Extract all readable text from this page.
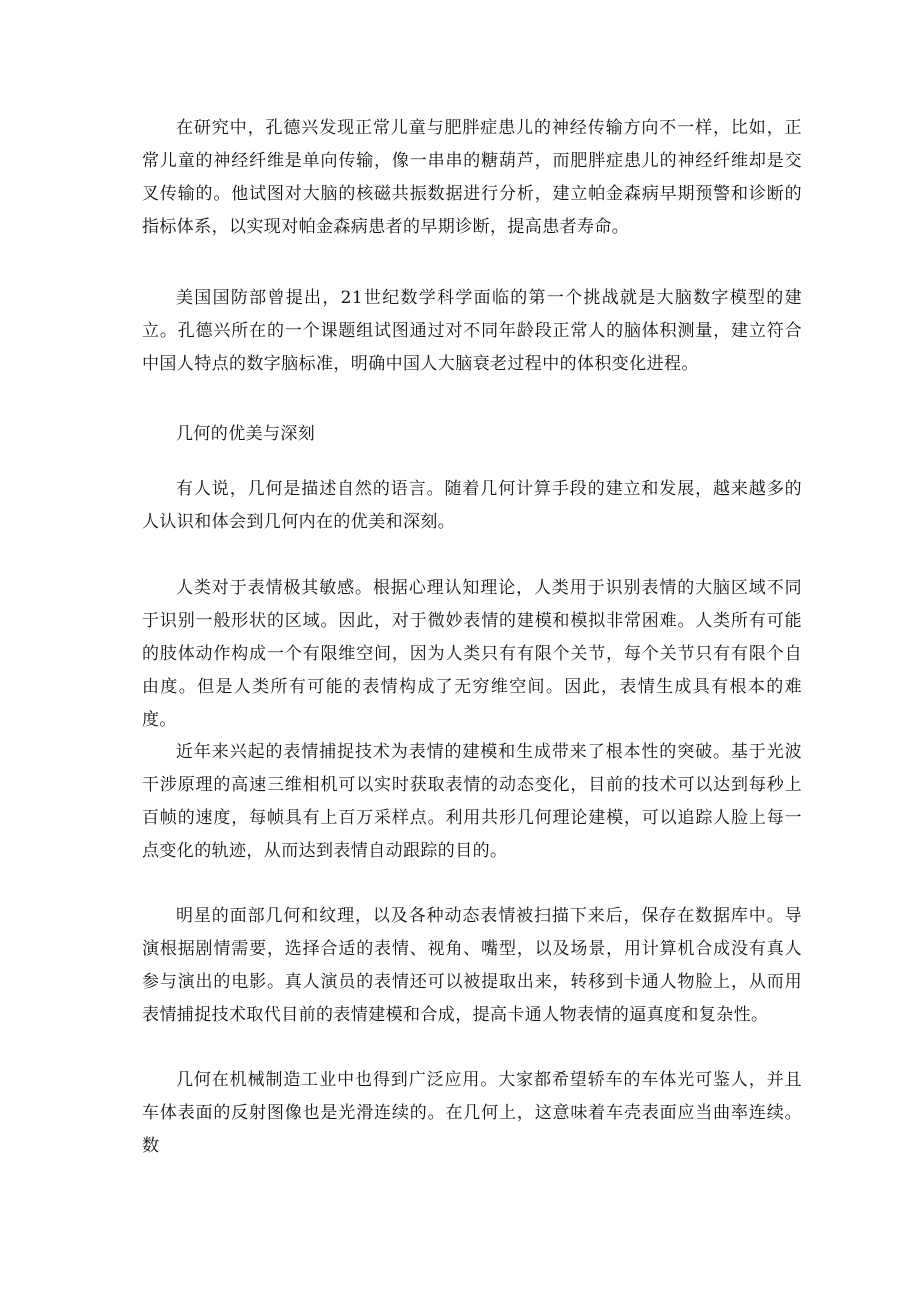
在研究中，孔德兴发现正常儿童与肥胖症患儿的神经传输方向不一样，比如，正常儿童的神经纤维是单向传输，像一串串的糖葫芦，而肥胖症患儿的神经纤维却是交叉传输的。他试图对大脑的核磁共振数据进行分析，建立帕金森病早期预警和诊断的指标体系，以实现对帕金森病患者的早期诊断，提高患者寿命。

美国国防部曾提出，21世纪数学科学面临的第一个挑战就是大脑数字模型的建立。孔德兴所在的一个课题组试图通过对不同年龄段正常人的脑体积测量，建立符合中国人特点的数字脑标准，明确中国人大脑衰老过程中的体积变化进程。

几何的优美与深刻

有人说，几何是描述自然的语言。随着几何计算手段的建立和发展，越来越多的人认识和体会到几何内在的优美和深刻。

人类对于表情极其敏感。根据心理认知理论，人类用于识别表情的大脑区域不同于识别一般形状的区域。因此，对于微妙表情的建模和模拟非常困难。人类所有可能的肢体动作构成一个有限维空间，因为人类只有有限个关节，每个关节只有有限个自由度。但是人类所有可能的表情构成了无穷维空间。因此，表情生成具有根本的难度。

近年来兴起的表情捕捉技术为表情的建模和生成带来了根本性的突破。基于光波干涉原理的高速三维相机可以实时获取表情的动态变化，目前的技术可以达到每秒上百帧的速度，每帧具有上百万采样点。利用共形几何理论建模，可以追踪人脸上每一点变化的轨迹，从而达到表情自动跟踪的目的。

明星的面部几何和纹理，以及各种动态表情被扫描下来后，保存在数据库中。导演根据剧情需要，选择合适的表情、视角、嘴型，以及场景，用计算机合成没有真人参与演出的电影。真人演员的表情还可以被提取出来，转移到卡通人物脸上，从而用表情捕捉技术取代目前的表情建模和合成，提高卡通人物表情的逼真度和复杂性。

几何在机械制造工业中也得到广泛应用。大家都希望轿车的车体光可鉴人，并且车体表面的反射图像也是光滑连续的。在几何上，这意味着车壳表面应当曲率连续。数
